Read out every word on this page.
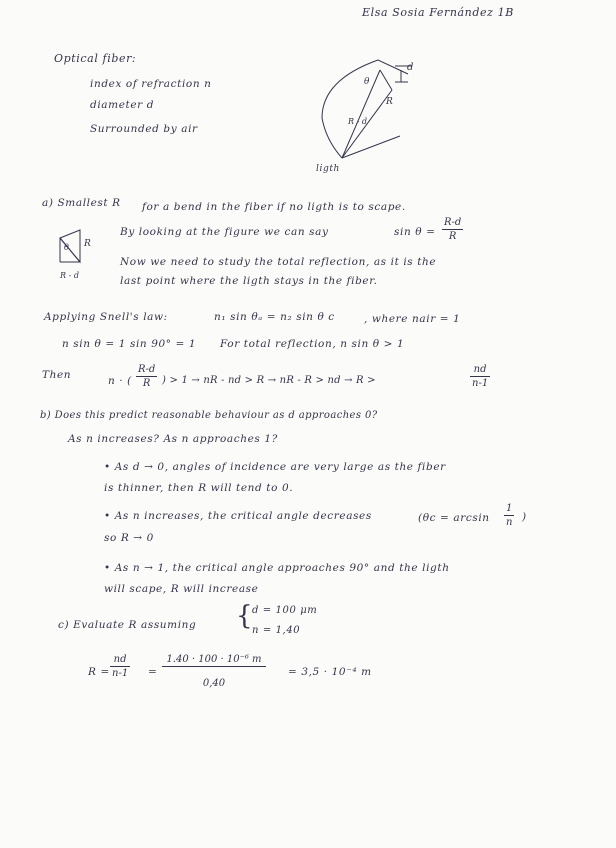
Elsa Sosia Fernández 1B
Optical fiber:
index of refraction n
diameter d
Surrounded by air
d
θ
R
R - d
ligth
a) Smallest R for a bend in the fiber if no ligth is to scape.
R
θ
R - d
By looking at the figure we can say	sin θ =
R-d
R
Now we need to study the total reflection, as it is the
last point where the ligth stays in the fiber.
Applying Snell's law:	n₁ sin θₐ = n₂ sin θ c	, where nair = 1
n sin θ = 1 sin 90° = 1 For total reflection, n sin θ > 1
Then	n · (
R-d
R	) > 1 → nR - nd > R → nR - R > nd → R >
nd
n-1
b) Does this predict reasonable behaviour as d approaches 0?
As n increases? As n approaches 1?
• As d → 0, angles of incidence are very large as the fiber
is thinner, then R will tend to 0.
• As n increases, the critical angle decreases	(θc = arcsin
1
n )
so R → 0
• As n → 1, the critical angle approaches 90° and the ligth
will scape, R will increase
c) Evaluate R assuming { d = 100 μm
n = 1,40
R =
nd
n-1 =
1.40 · 100 · 10⁻⁶ m
0,40
= 3,5 · 10⁻⁴ m
